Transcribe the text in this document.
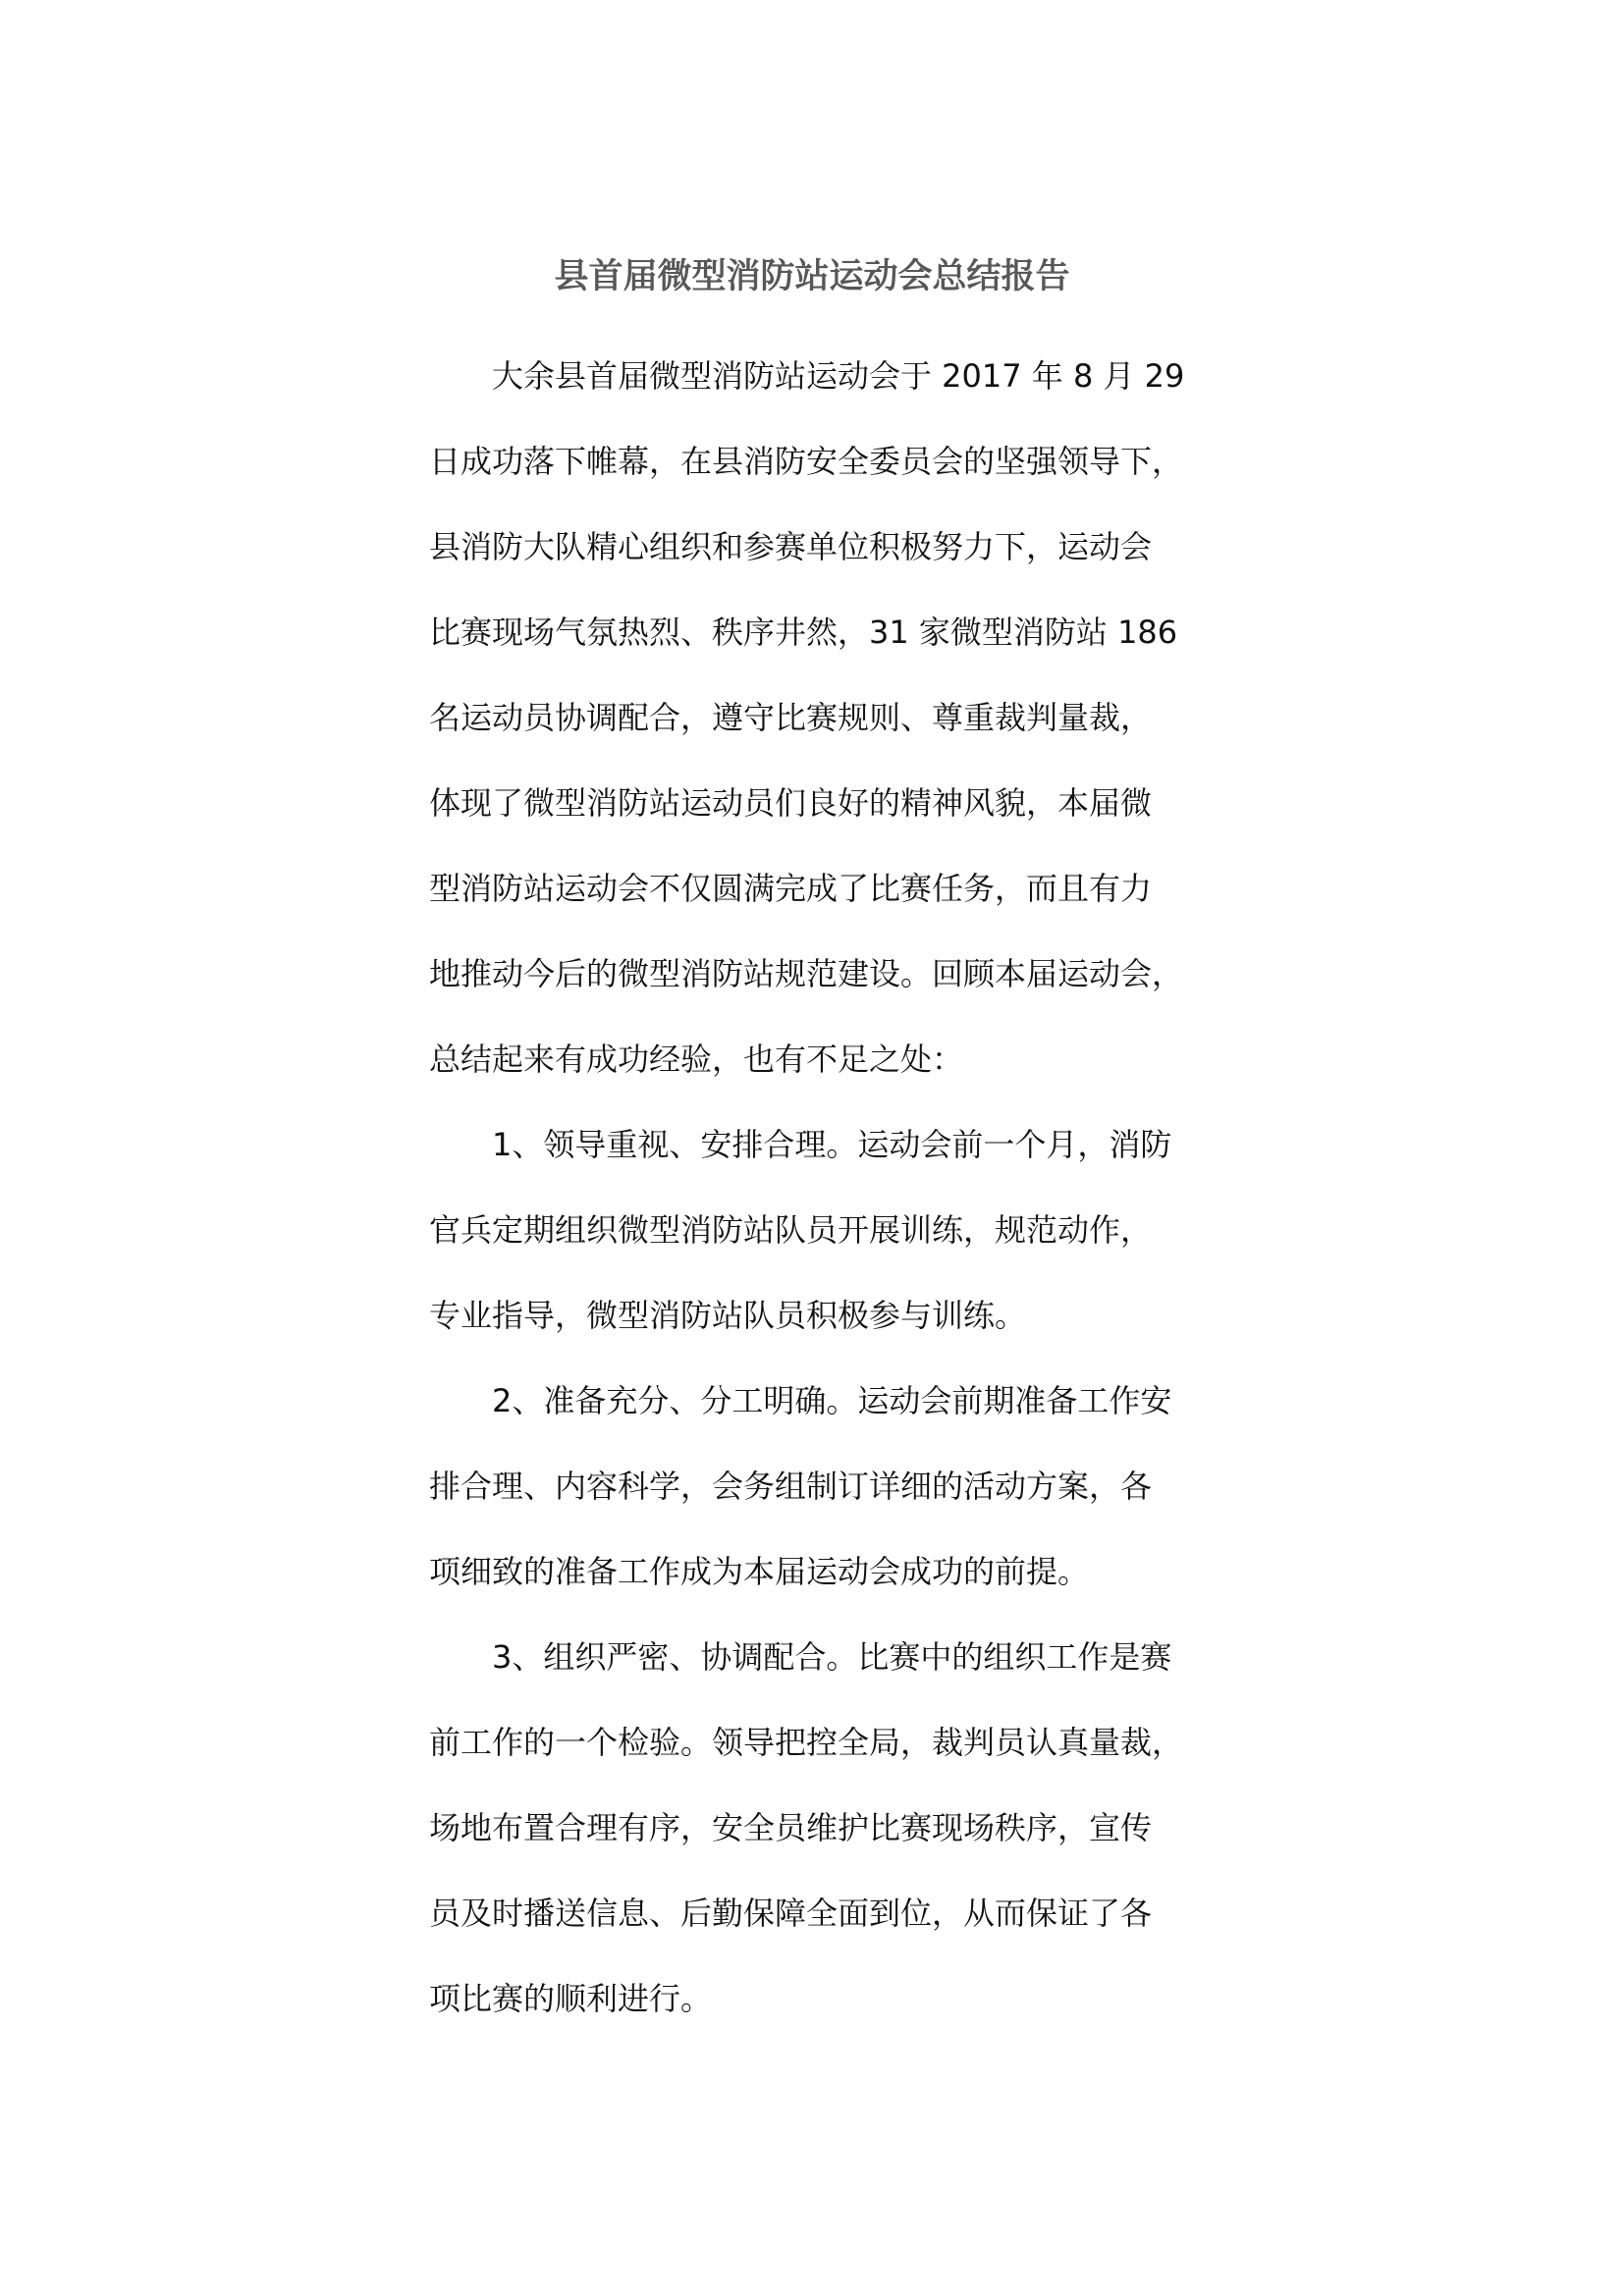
县首届微型消防站运动会总结报告

大余县首届微型消防站运动会于 2017 年 8 月 29
日成功落下帷幕，在县消防安全委员会的坚强领导下，
县消防大队精心组织和参赛单位积极努力下，运动会
比赛现场气氛热烈、秩序井然，31 家微型消防站 186
名运动员协调配合，遵守比赛规则、尊重裁判量裁，
体现了微型消防站运动员们良好的精神风貌，本届微
型消防站运动会不仅圆满完成了比赛任务，而且有力
地推动今后的微型消防站规范建设。回顾本届运动会，
总结起来有成功经验，也有不足之处：

1、领导重视、安排合理。运动会前一个月，消防
官兵定期组织微型消防站队员开展训练，规范动作，
专业指导，微型消防站队员积极参与训练。

2、准备充分、分工明确。运动会前期准备工作安
排合理、内容科学，会务组制订详细的活动方案，各
项细致的准备工作成为本届运动会成功的前提。

3、组织严密、协调配合。比赛中的组织工作是赛
前工作的一个检验。领导把控全局，裁判员认真量裁，
场地布置合理有序，安全员维护比赛现场秩序，宣传
员及时播送信息、后勤保障全面到位，从而保证了各
项比赛的顺利进行。
